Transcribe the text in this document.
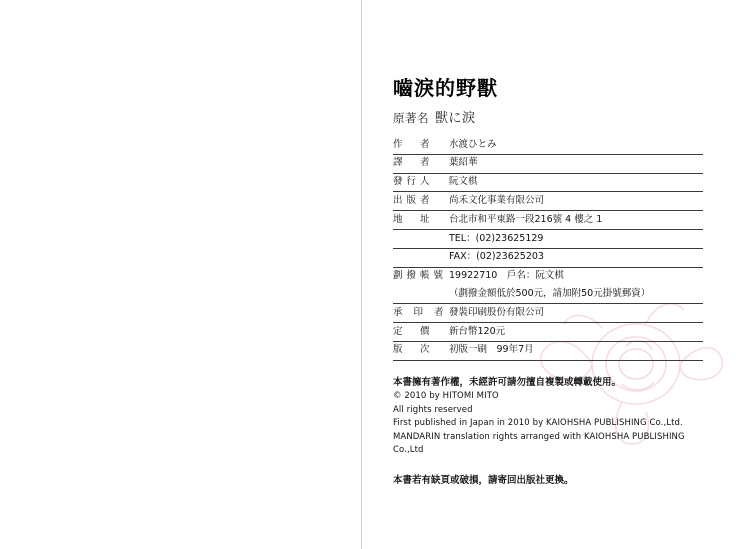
嚙淚的野獸
原著名 獸に淚
作　者	水渡ひとみ
譯　者	葉紹華
發行人	阮文棋
出版者	尚禾文化事業有限公司
地　址	台北市和平東路一段216號 4 樓之 1
	TEL：(02)23625129
	FAX：(02)23625203
劃撥帳號	19922710　戶名：阮文棋
	（劃撥金額低於500元，請加附50元掛號郵資）
承 印 者	發裝印刷股份有限公司
定　價	新台幣120元
版　次	初版一刷　99年7月
本書擁有著作權，未經許可請勿擅自複製或轉載使用。
© 2010 by HITOMI MITO
All rights reserved
First published in Japan in 2010 by KAIOHSHA PUBLISHING Co.,Ltd.
MANDARIN translation rights arranged with KAIOHSHA PUBLISHING Co.,Ltd
本書若有缺頁或破損，請寄回出版社更換。
